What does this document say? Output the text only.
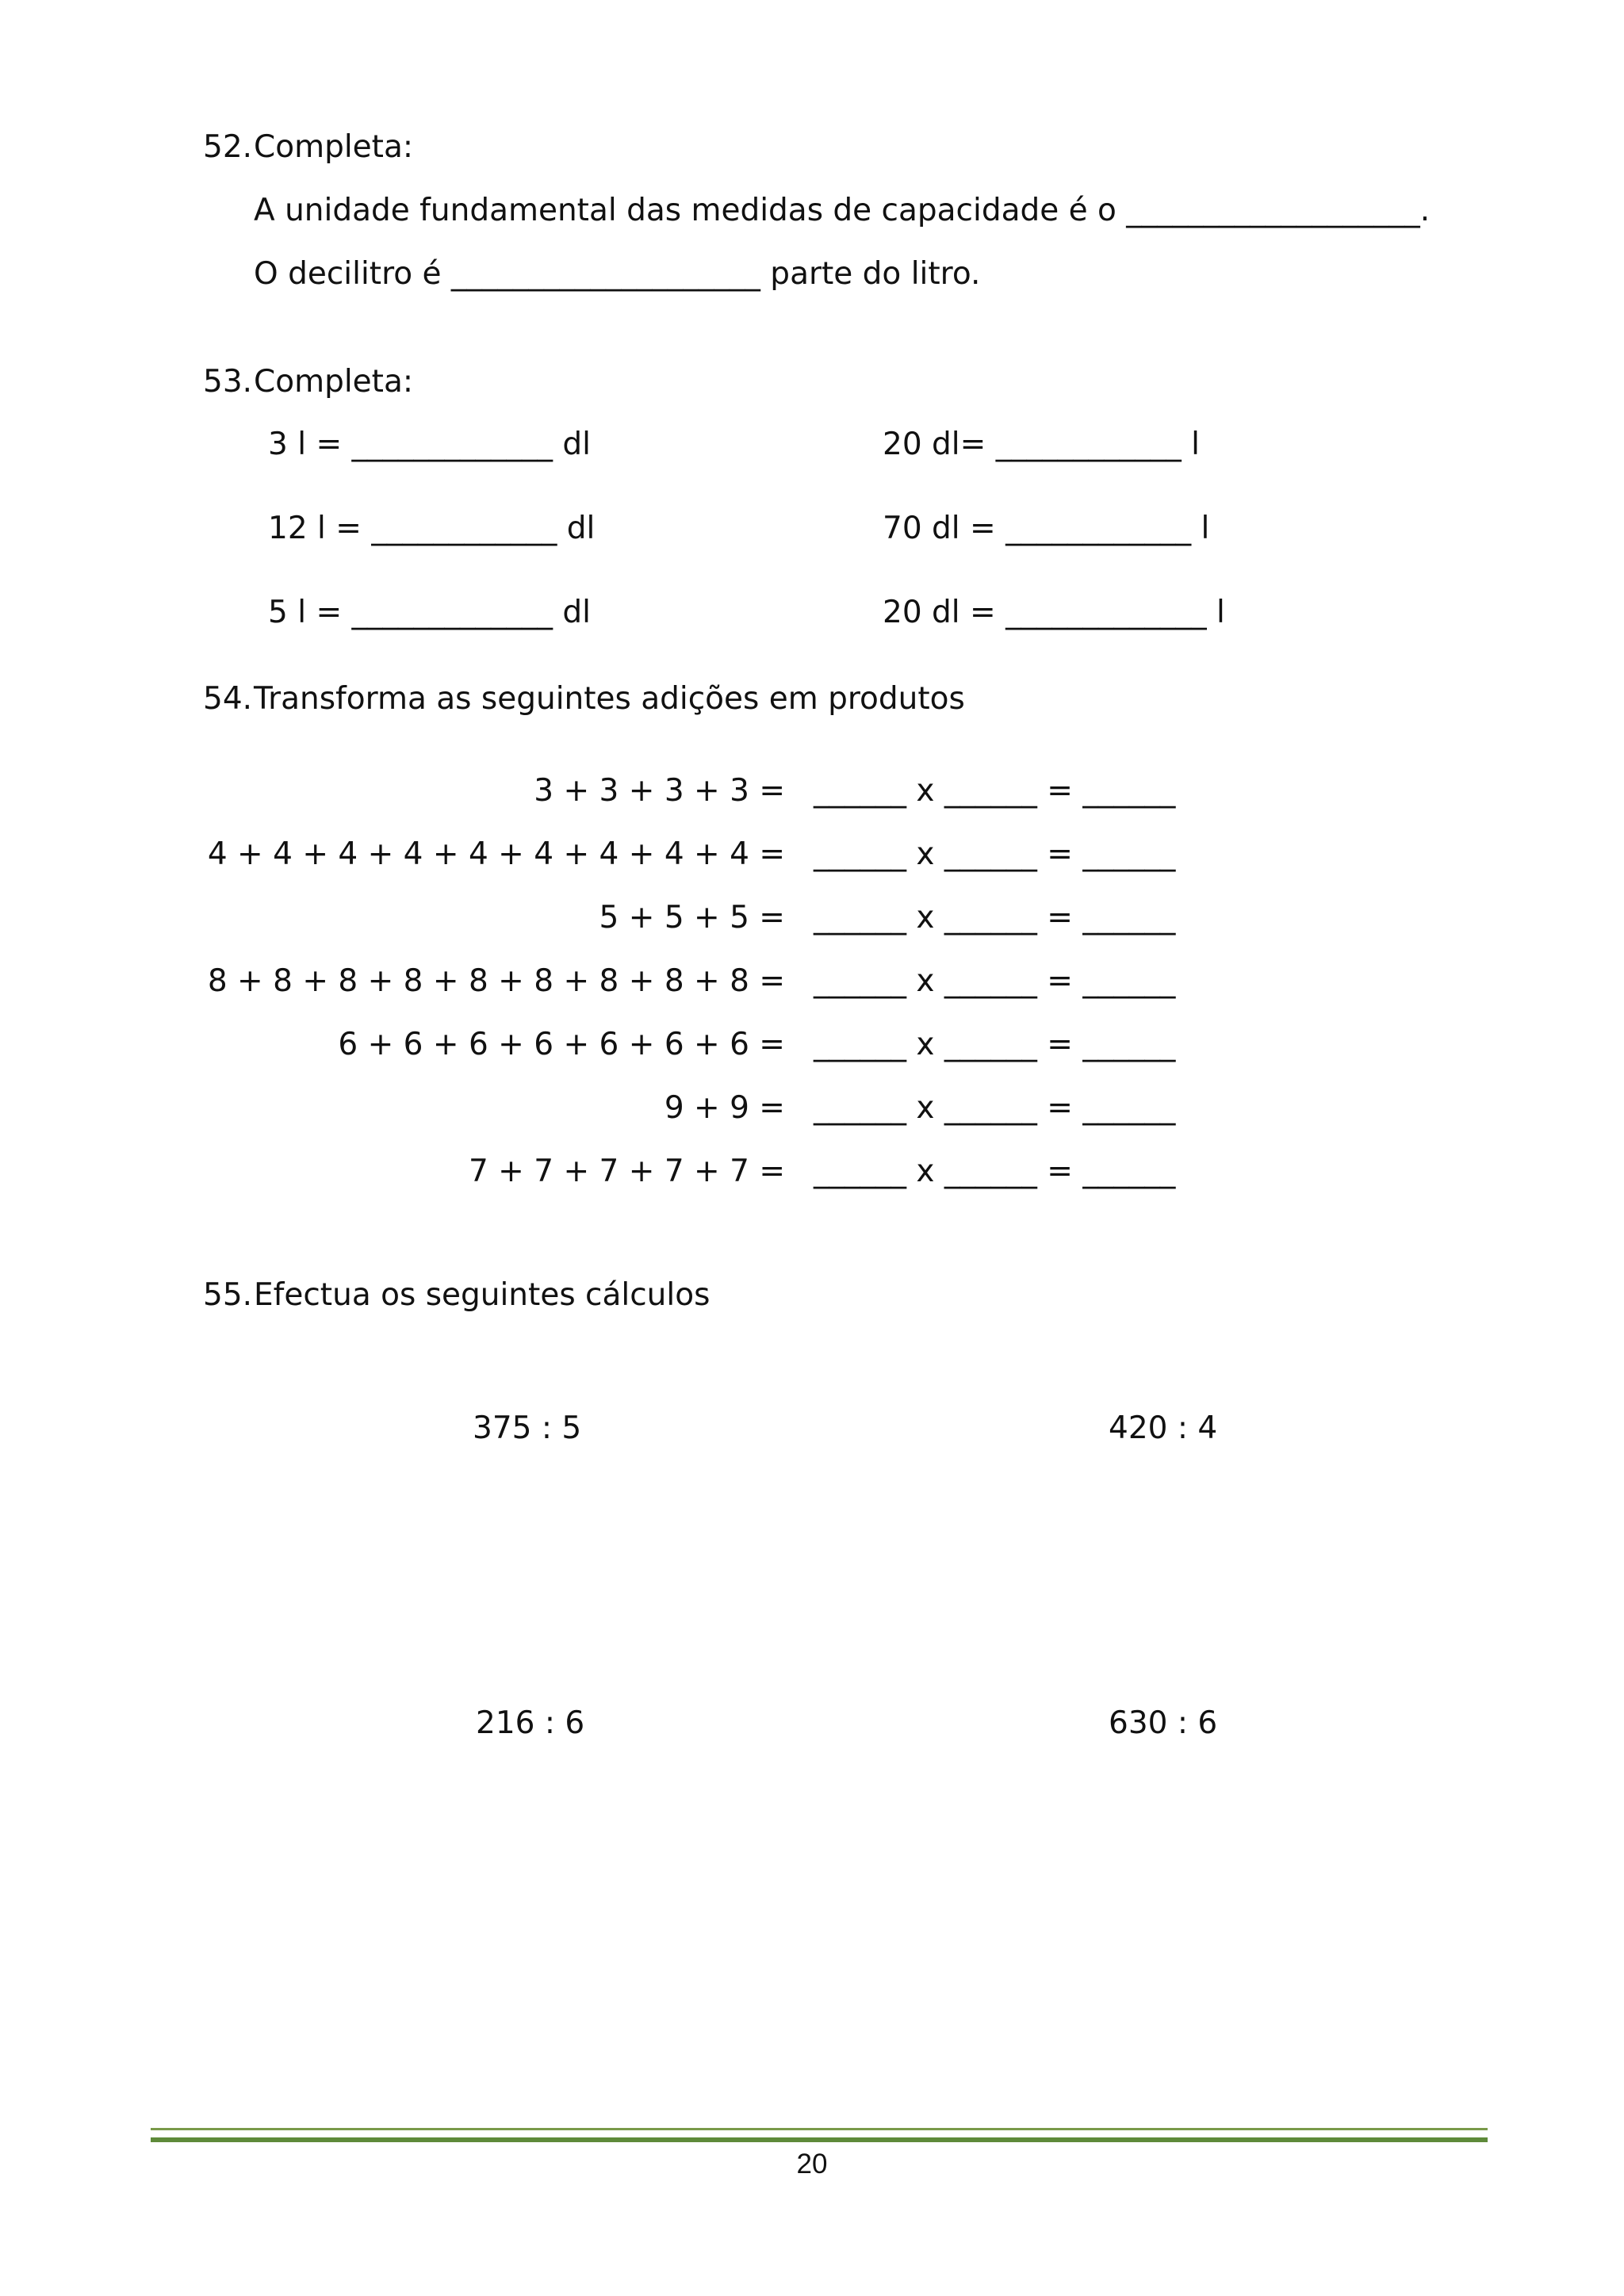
52. Completa:
A unidade fundamental das medidas de capacidade é o ___________________.
O decilitro é ____________________ parte do litro.
53. Completa:
3 l = _____________ dl
12 l = ____________ dl
5 l = _____________ dl
20 dl= ____________ l
70 dl = ____________ l
20 dl = _____________ l
54. Transforma as seguintes adições em produtos
3 + 3 + 3 + 3 = ______ x ______ = ______
4 + 4 + 4 + 4 + 4 + 4 + 4 + 4 + 4 = ______ x ______ = ______
5 + 5 + 5 = ______ x ______ = ______
8 + 8 + 8 + 8 + 8 + 8 + 8 + 8 + 8 = ______ x ______ = ______
6 + 6 + 6 + 6 + 6 + 6 + 6 = ______ x ______ = ______
9 + 9 = ______ x ______ = ______
7 + 7 + 7 + 7 + 7 = ______ x ______ = ______
55. Efectua os seguintes cálculos
375 : 5	420 : 4
216 : 6	630 : 6
20
